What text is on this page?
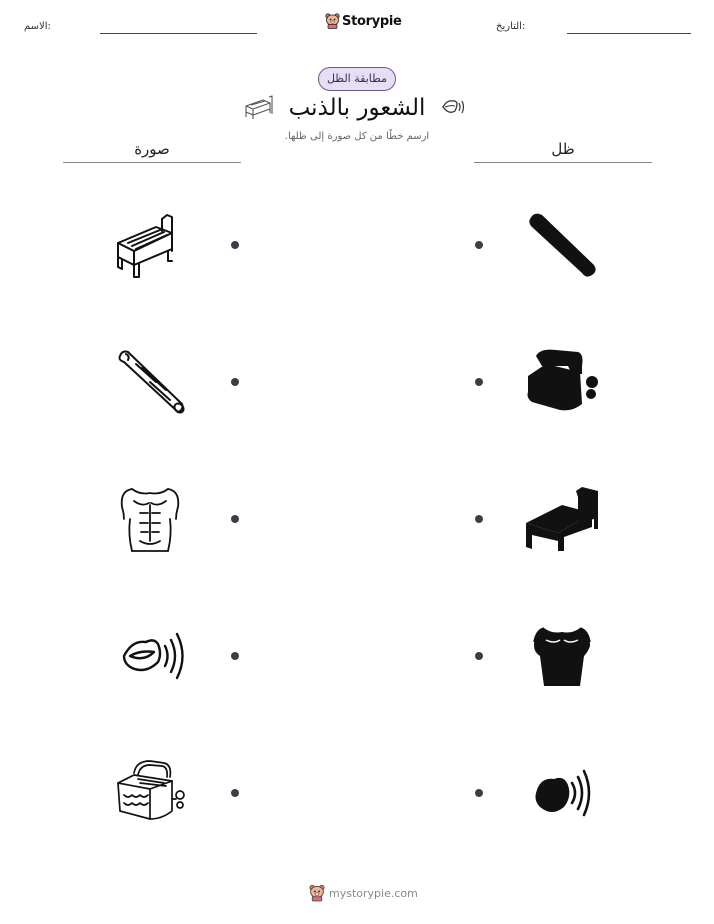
الاسم:	التاريخ:
Storypie
مطابقة الظل
الشعور بالذنب
ارسم خطًا من كل صورة إلى ظلها.
صورة	ظل
mystorypie.com
